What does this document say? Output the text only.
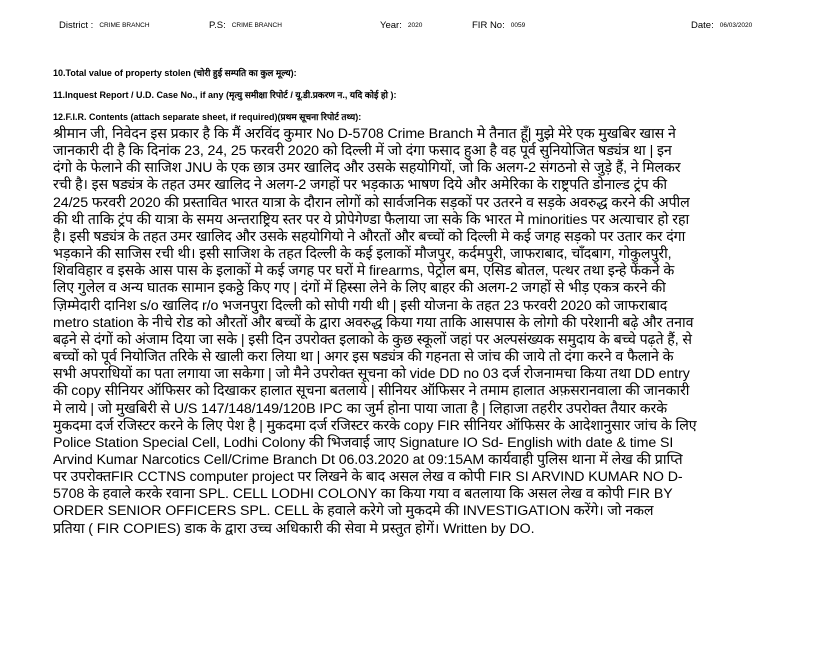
District : CRIME BRANCH	P.S: CRIME BRANCH	Year: 2020	FIR No: 0059	Date: 06/03/2020
10.Total value of property stolen (चोरी हुई सम्पति का कुल मूल्य):
11.Inquest Report / U.D. Case No., if any (मृत्यु समीक्षा रिपोर्ट / यू.डी.प्रकरण न., यदि कोई हो ):
12.F.I.R. Contents (attach separate sheet, if required)(प्रथम सूचना रिपोर्ट तथ्य):

श्रीमान जी, निवेदन इस प्रकार है कि मैं अरविंद कुमार No D-5708 Crime Branch मे तैनात हूँ| मुझे मेरे एक मुखबिर खास ने

जानकारी दी है कि दिनांक 23, 24, 25 फरवरी 2020 को दिल्ली में जो दंगा फसाद हुआ है वह पूर्व सुनियोजित षड्यंत्र था | इन

दंगो के फेलाने की साजिश JNU के एक छात्र उमर खालिद और उसके सहयोगियों, जो कि अलग-2 संगठनो से जुड़े हैं, ने मिलकर

रची है। इस षड्यंत्र के तहत उमर खालिद ने अलग-2 जगहों पर भड़काऊ भाषण दिये और अमेरिका के राष्ट्रपति डोनाल्ड ट्रंप की

24/25 फरवरी 2020 की प्रस्तावित भारत यात्रा के दौरान लोगों को सार्वजनिक सड़कों पर उतरने व सड़के अवरुद्ध करने की अपील

की थी ताकि ट्रंप की यात्रा के समय अन्तराष्ट्रिय स्तर पर ये प्रोपेगेण्डा फैलाया जा सके कि भारत मे minorities पर अत्याचार हो रहा

है। इसी षड्यंत्र के तहत उमर खालिद और उसके सहयोगियो ने औरतों और बच्चों को दिल्ली मे कई जगह सड़को पर उतार कर दंगा

भड़काने की साजिस रची थी। इसी साजिश के तहत दिल्ली के कई इलाकों मौजपुर, कर्दमपुरी, जाफराबाद, चाँदबाग, गोकुलपुरी,

शिवविहार व इसके आस पास के इलाकों मे कई जगह पर घरों मे firearms, पेट्रोल बम, एसिड बोतल, पत्थर तथा इन्हे फेंकने के

लिए गुलेल व अन्य घातक सामान इकठ्ठे किए गए | दंगों में हिस्सा लेने के लिए बाहर की अलग-2 जगहों से भीड़ एकत्र करने की

ज़िम्मेदारी दानिश s/o खालिद r/o भजनपुरा दिल्ली को सोपी गयी थी | इसी योजना के तहत 23 फरवरी 2020 को जाफराबाद

metro station के नीचे रोड को औरतों और बच्चों के द्वारा अवरुद्ध किया गया ताकि आसपास के लोगो की परेशानी बढ़े और तनाव

बढ़ने से दंगों को अंजाम दिया जा सके | इसी दिन उपरोक्त इलाको के कुछ स्कूलों जहां पर अल्पसंख्यक समुदाय के बच्चे पढ़ते हैं, से

बच्चों को पूर्व नियोजित तरिके से खाली करा लिया था | अगर इस षड्यंत्र की गहनता से जांच की जाये तो दंगा करने व फैलाने के

सभी अपराधियों का पता लगाया जा सकेगा | जो मैने उपरोक्त सूचना को vide DD no 03 दर्ज रोजनामचा किया तथा DD entry

की copy सीनियर ऑफिसर को दिखाकर हालात सूचना बतलाये | सीनियर ऑफिसर ने तमाम हालात अफ़सरानवाला की जानकारी

मे लाये | जो मुखबिरी से U/S 147/148/149/120B IPC का जुर्म होना पाया जाता है | लिहाजा तहरीर उपरोक्त तैयार करके

मुकदमा दर्ज रजिस्टर करने के लिए पेश है | मुकदमा दर्ज रजिस्टर करके copy FIR सीनियर ऑफिसर के आदेशानुसार जांच के लिए

Police Station Special Cell, Lodhi Colony की भिजवाई जाए Signature IO Sd- English with date & time SI

Arvind Kumar Narcotics Cell/Crime Branch Dt 06.03.2020 at 09:15AM कार्यवाही पुलिस थाना में लेख की प्राप्ति

पर उपरोक्तFIR CCTNS computer project पर लिखने के बाद असल लेख व कोपी FIR SI ARVIND KUMAR NO D-

5708 के हवाले करके रवाना SPL. CELL LODHI COLONY का किया गया व बतलाया कि असल लेख व कोपी FIR BY

ORDER SENIOR OFFICERS SPL. CELL के हवाले करेगे जो मुकदमे की INVESTIGATION करेंगे। जो नकल

प्रतिया ( FIR COPIES) डाक के द्वारा उच्च अधिकारी की सेवा मे प्रस्तुत होगें। Written by DO.
